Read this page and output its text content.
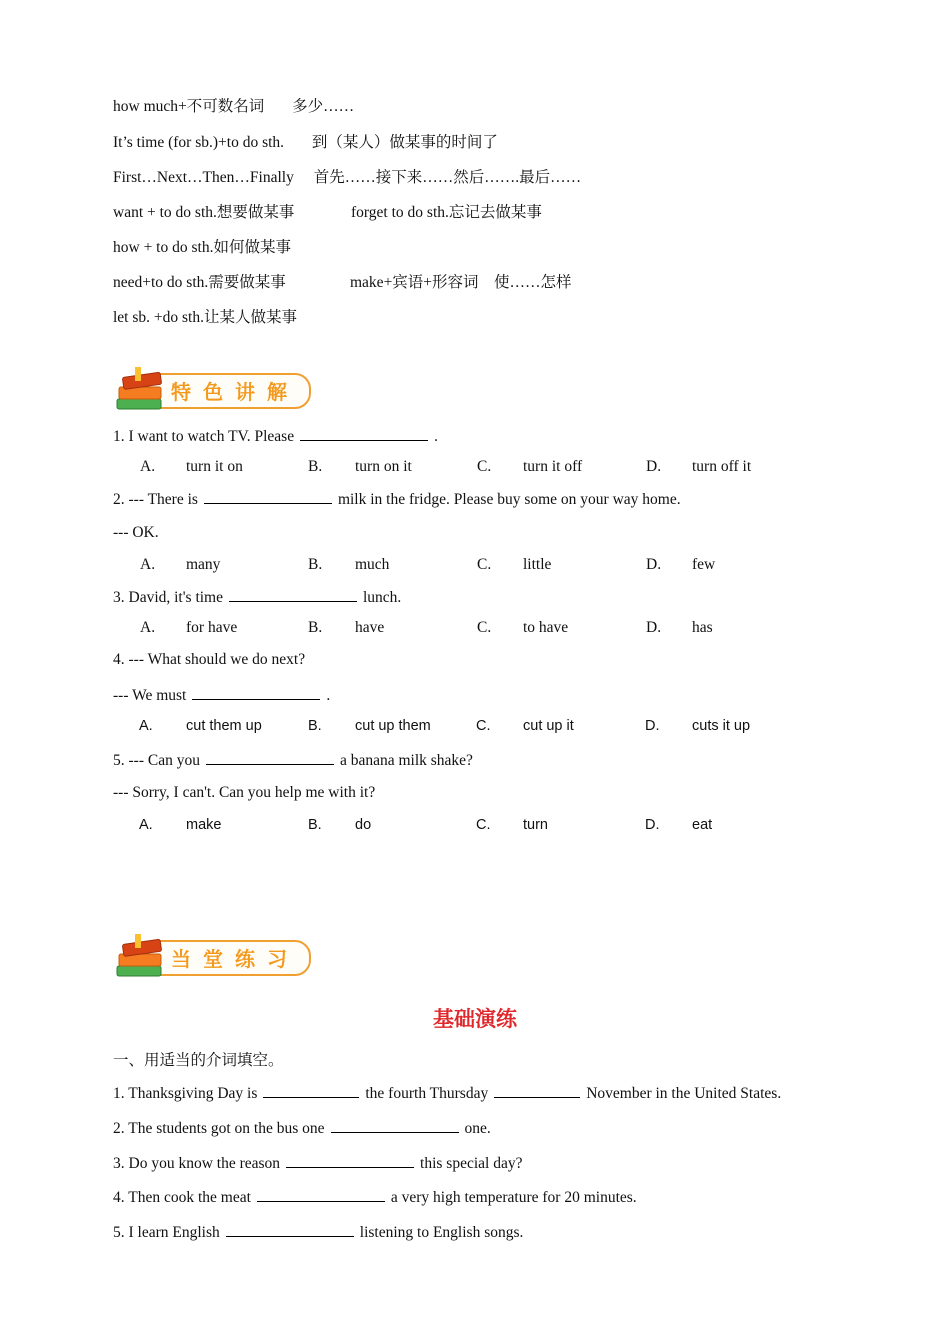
how much+不可数名词 多少……
It’s time (for sb.)+to do sth. 到（某人）做某事的时间了
First…Next…Then…Finally 首先……接下来……然后…….最后……
want + to do sth.想要做某事	forget to do sth.忘记去做某事
how + to do sth.如何做某事
need+to do sth.需要做某事	make+宾语+形容词　使……怎样
let sb. +do sth.让某人做某事
特色讲解
1. I want to watch TV. Please	.
A. turn it on	B. turn on it	C. turn it off	D. turn off it
2. --- There is	milk in the fridge. Please buy some on your way home.
--- OK.
A. many	B. much	C. little	D. few
3. David, it's time	lunch.
A. for have	B. have	C. to have	D. has
4. --- What should we do next?
--- We must	.
A. cut them up	B. cut up them	C. cut up it	D. cuts it up
5. --- Can you	a banana milk shake?
--- Sorry, I can't. Can you help me with it?
A. make	B. do	C. turn	D. eat
当堂练习
基础演练
一、用适当的介词填空。
1. Thanksgiving Day is	the fourth Thursday	November in the United States.
2. The students got on the bus one	one.
3. Do you know the reason	this special day?
4. Then cook the meat	a very high temperature for 20 minutes.
5. I learn English	listening to English songs.
